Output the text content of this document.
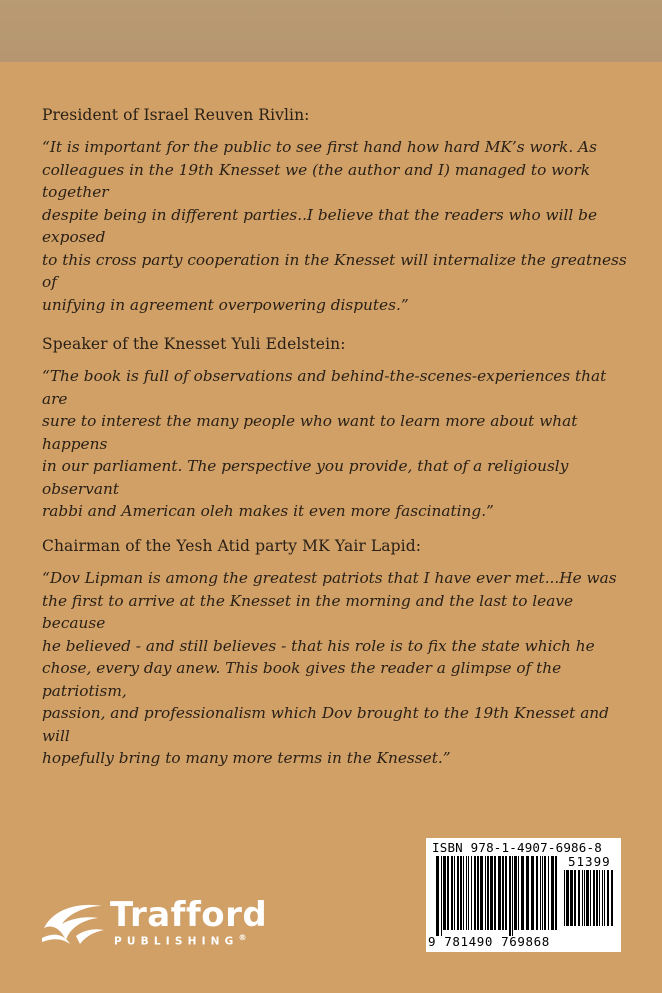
President of Israel Reuven Rivlin:

“It is important for the public to see first hand how hard MK’s work. As
colleagues in the 19th Knesset we (the author and I) managed to work together
despite being in different parties..I believe that the readers who will be exposed
to this cross party cooperation in the Knesset will internalize the greatness of
unifying in agreement overpowering disputes.”

Speaker of the Knesset Yuli Edelstein:

“The book is full of observations and behind-the-scenes-experiences that are
sure to interest the many people who want to learn more about what happens
in our parliament. The perspective you provide, that of a religiously observant
rabbi and American oleh makes it even more fascinating.”

Chairman of the Yesh Atid party MK Yair Lapid:

“Dov Lipman is among the greatest patriots that I have ever met...He was
the first to arrive at the Knesset in the morning and the last to leave because
he believed - and still believes - that his role is to fix the state which he
chose, every day anew. This book gives the reader a glimpse of the patriotism,
passion, and professionalism which Dov brought to the 19th Knesset and will
hopefully bring to many more terms in the Knesset.”

Trafford
PUBLISHING®
ISBN 978-1-4907-6986-8
51399
9 781490 769868
